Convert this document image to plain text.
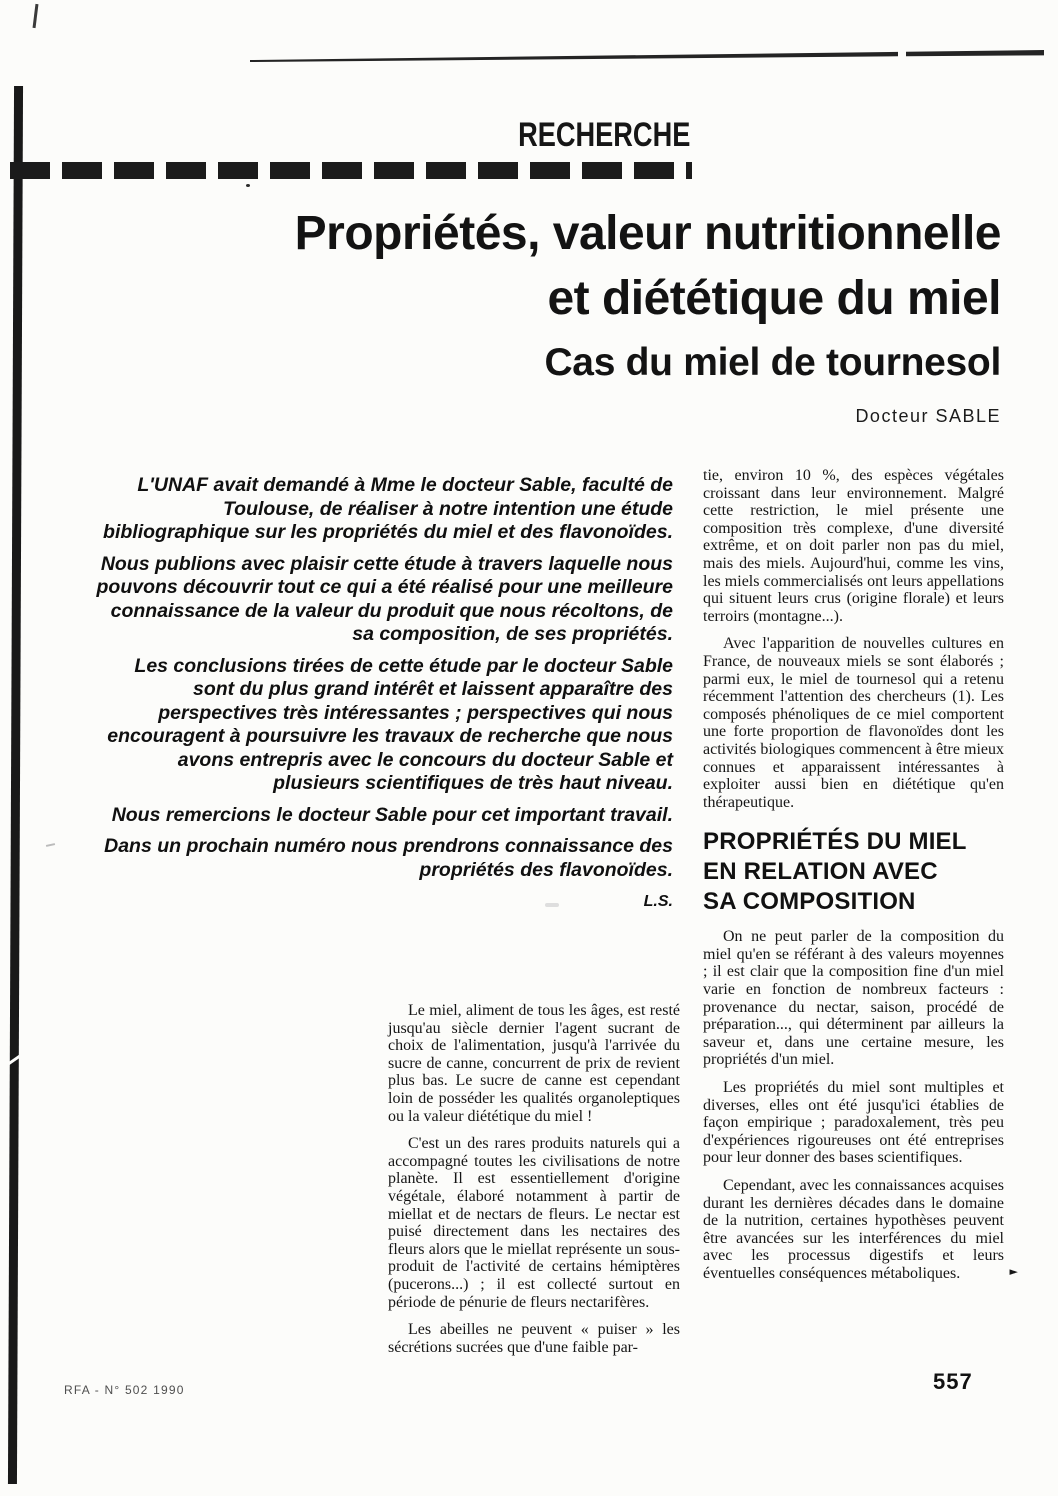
RECHERCHE
Propriétés, valeur nutritionnelle
et diététique du miel
Cas du miel de tournesol
Docteur SABLE

L'UNAF avait demandé à Mme le docteur Sable, faculté de Toulouse, de réaliser à notre intention une étude bibliographique sur les propriétés du miel et des flavonoïdes.

Nous publions avec plaisir cette étude à travers laquelle nous pouvons découvrir tout ce qui a été réalisé pour une meilleure connaissance de la valeur du produit que nous récoltons, de sa composition, de ses propriétés.

Les conclusions tirées de cette étude par le docteur Sable sont du plus grand intérêt et laissent apparaître des perspectives très intéressantes ; perspectives qui nous encouragent à poursuivre les travaux de recherche que nous avons entrepris avec le concours du docteur Sable et plusieurs scientifiques de très haut niveau.

Nous remercions le docteur Sable pour cet important travail.

Dans un prochain numéro nous prendrons connaissance des propriétés des flavonoïdes.

L.S.

Le miel, aliment de tous les âges, est resté jusqu'au siècle dernier l'agent sucrant de choix de l'alimentation, jusqu'à l'arrivée du sucre de canne, concurrent de prix de revient plus bas. Le sucre de canne est cependant loin de posséder les qualités organoleptiques ou la valeur diététique du miel !

C'est un des rares produits naturels qui a accompagné toutes les civilisations de notre planète. Il est essentiellement d'origine végétale, élaboré notamment à partir de miellat et de nectars de fleurs. Le nectar est puisé directement dans les nectaires des fleurs alors que le miellat représente un sous-produit de l'activité de certains hémiptères (pucerons...) ; il est collecté surtout en période de pénurie de fleurs nectarifères.

Les abeilles ne peuvent « puiser » les sécrétions sucrées que d'une faible par-

tie, environ 10 %, des espèces végétales croissant dans leur environnement. Malgré cette restriction, le miel présente une composition très complexe, d'une diversité extrême, et on doit parler non pas du miel, mais des miels. Aujourd'hui, comme les vins, les miels commercialisés ont leurs appellations qui situent leurs crus (origine florale) et leurs terroirs (montagne...).

Avec l'apparition de nouvelles cultures en France, de nouveaux miels se sont élaborés ; parmi eux, le miel de tournesol qui a retenu récemment l'attention des chercheurs (1). Les composés phénoliques de ce miel comportent une forte proportion de flavonoïdes dont les activités biologiques commencent à être mieux connues et apparaissent intéressantes à exploiter aussi bien en diététique qu'en thérapeutique.

PROPRIÉTÉS DU MIEL
EN RELATION AVEC
SA COMPOSITION

On ne peut parler de la composition du miel qu'en se référant à des valeurs moyennes ; il est clair que la composition fine d'un miel varie en fonction de nombreux facteurs : provenance du nectar, saison, procédé de préparation..., qui déterminent par ailleurs la saveur et, dans une certaine mesure, les propriétés d'un miel.

Les propriétés du miel sont multiples et diverses, elles ont été jusqu'ici établies de façon empirique ; paradoxalement, très peu d'expériences rigoureuses ont été entreprises pour leur donner des bases scientifiques.

Cependant, avec les connaissances acquises durant les dernières décades dans le domaine de la nutrition, certaines hypothèses peuvent être avancées sur les interférences du miel avec les processus digestifs et leurs éventuelles conséquences métaboliques.	►

RFA - N° 502 1990	557
